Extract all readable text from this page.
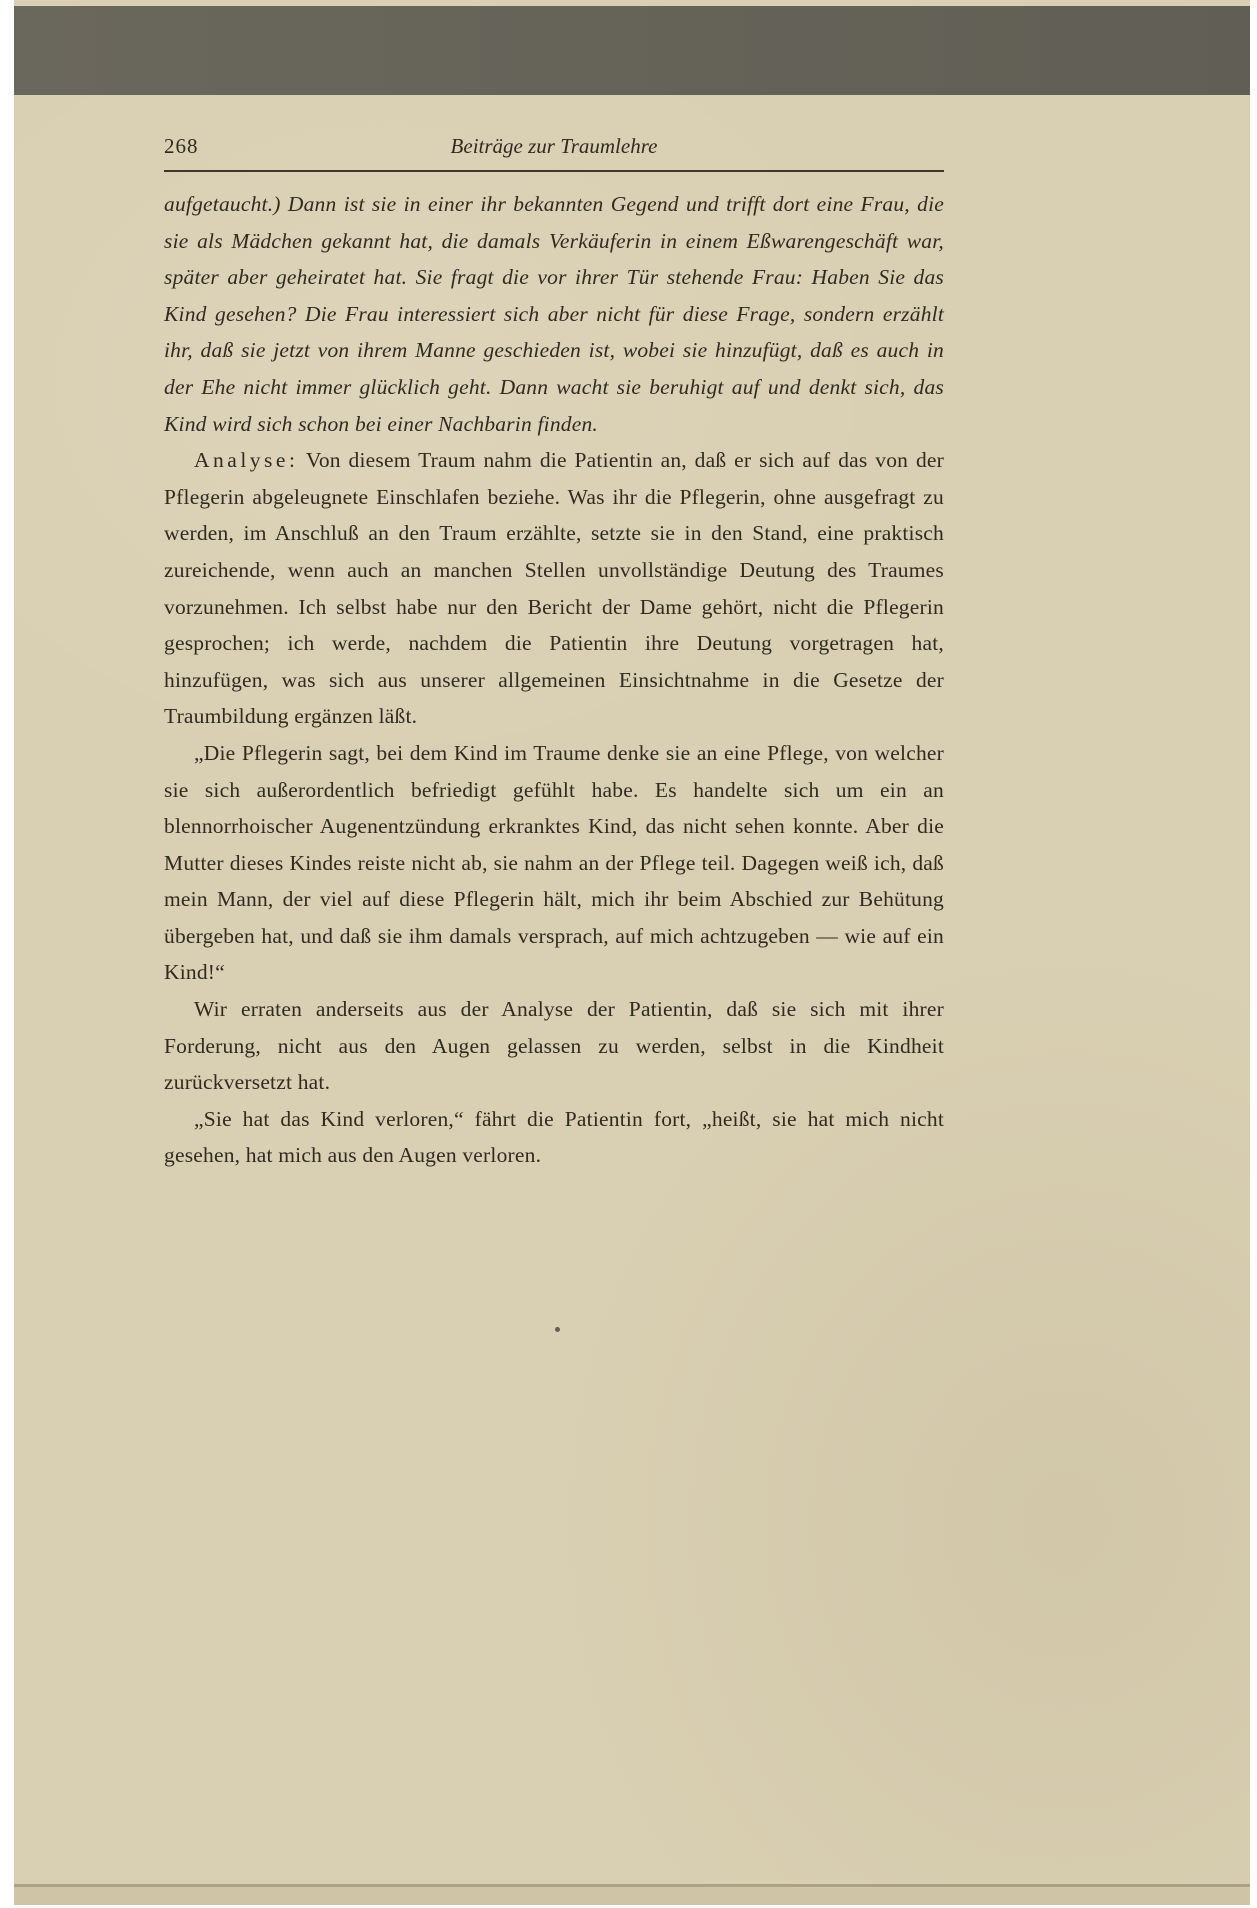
268	Beiträge zur Traumlehre

aufgetaucht.) Dann ist sie in einer ihr bekannten Gegend und trifft dort eine Frau, die sie als Mädchen gekannt hat, die damals Verkäuferin in einem Eßwarengeschäft war, später aber geheiratet hat. Sie fragt die vor ihrer Tür stehende Frau: Haben Sie das Kind gesehen? Die Frau interessiert sich aber nicht für diese Frage, sondern erzählt ihr, daß sie jetzt von ihrem Manne geschieden ist, wobei sie hinzufügt, daß es auch in der Ehe nicht immer glücklich geht. Dann wacht sie beruhigt auf und denkt sich, das Kind wird sich schon bei einer Nachbarin finden.

Analyse: Von diesem Traum nahm die Patientin an, daß er sich auf das von der Pflegerin abgeleugnete Einschlafen beziehe. Was ihr die Pflegerin, ohne ausgefragt zu werden, im Anschluß an den Traum erzählte, setzte sie in den Stand, eine praktisch zureichende, wenn auch an manchen Stellen unvollständige Deutung des Traumes vorzunehmen. Ich selbst habe nur den Bericht der Dame gehört, nicht die Pflegerin gesprochen; ich werde, nachdem die Patientin ihre Deutung vorgetragen hat, hinzufügen, was sich aus unserer allgemeinen Einsichtnahme in die Gesetze der Traumbildung ergänzen läßt.

„Die Pflegerin sagt, bei dem Kind im Traume denke sie an eine Pflege, von welcher sie sich außerordentlich befriedigt gefühlt habe. Es handelte sich um ein an blennorrhoischer Augenentzündung erkranktes Kind, das nicht sehen konnte. Aber die Mutter dieses Kindes reiste nicht ab, sie nahm an der Pflege teil. Dagegen weiß ich, daß mein Mann, der viel auf diese Pflegerin hält, mich ihr beim Abschied zur Behütung übergeben hat, und daß sie ihm damals versprach, auf mich achtzugeben — wie auf ein Kind!“

Wir erraten anderseits aus der Analyse der Patientin, daß sie sich mit ihrer Forderung, nicht aus den Augen gelassen zu werden, selbst in die Kindheit zurückversetzt hat.

„Sie hat das Kind verloren,“ fährt die Patientin fort, „heißt, sie hat mich nicht gesehen, hat mich aus den Augen verloren.
